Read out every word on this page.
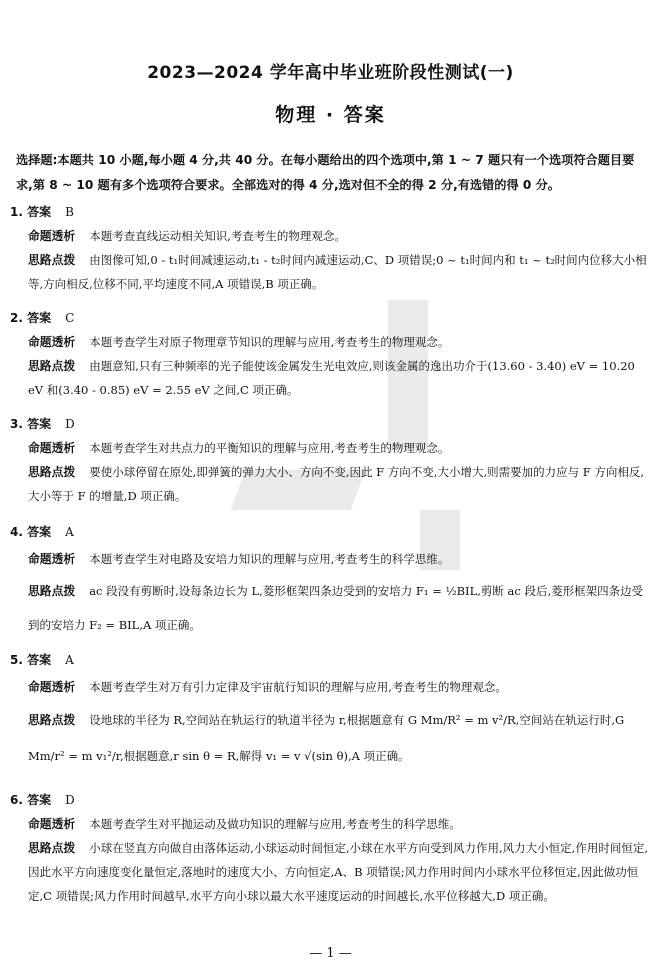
2023—2024 学年高中毕业班阶段性测试(一)
物理 · 答案
选择题:本题共 10 小题,每小题 4 分,共 40 分。在每小题给出的四个选项中,第 1 ~ 7 题只有一个选项符合题目要求,第 8 ~ 10 题有多个选项符合要求。全部选对的得 4 分,选对但不全的得 2 分,有选错的得 0 分。
1. 答案 B
命题透析 本题考查直线运动相关知识,考查考生的物理观念。
思路点拨 由图像可知,0 - t₁时间减速运动,t₁ - t₂时间内减速运动,C、D 项错误;0 ~ t₁时间内和 t₁ ~ t₂时间内位移大小相等,方向相反,位移不同,平均速度不同,A 项错误,B 项正确。
2. 答案 C
命题透析 本题考查学生对原子物理章节知识的理解与应用,考查考生的物理观念。
思路点拨 由题意知,只有三种频率的光子能使该金属发生光电效应,则该金属的逸出功介于(13.60 - 3.40) eV = 10.20 eV 和(3.40 - 0.85) eV = 2.55 eV 之间,C 项正确。
3. 答案 D
命题透析 本题考查学生对共点力的平衡知识的理解与应用,考查考生的物理观念。
思路点拨 要使小球停留在原处,即弹簧的弹力大小、方向不变,因此 F 方向不变,大小增大,则需要加的力应与 F 方向相反,大小等于 F 的增量,D 项正确。
4. 答案 A
命题透析 本题考查学生对电路及安培力知识的理解与应用,考查考生的科学思维。
思路点拨 ac 段没有剪断时,设每条边长为 L,菱形框架四条边受到的安培力 F₁ = ½BIL,剪断 ac 段后,菱形框架四条边受到的安培力 F₂ = BIL,A 项正确。
5. 答案 A
命题透析 本题考查学生对万有引力定律及宇宙航行知识的理解与应用,考查考生的物理观念。
思路点拨 设地球的半径为 R,空间站在轨运行的轨道半径为 r,根据题意有 G Mm/R² = m v²/R,空间站在轨运行时,G Mm/r² = m v₁²/r,根据题意,r sin θ = R,解得 v₁ = v √(sin θ),A 项正确。
6. 答案 D
命题透析 本题考查学生对平抛运动及做功知识的理解与应用,考查考生的科学思维。
思路点拨 小球在竖直方向做自由落体运动,小球运动时间恒定,小球在水平方向受到风力作用,风力大小恒定,作用时间恒定,因此水平方向速度变化量恒定,落地时的速度大小、方向恒定,A、B 项错误;风力作用时间内小球水平位移恒定,因此做功恒定,C 项错误;风力作用时间越早,水平方向小球以最大水平速度运动的时间越长,水平位移越大,D 项正确。
— 1 —
